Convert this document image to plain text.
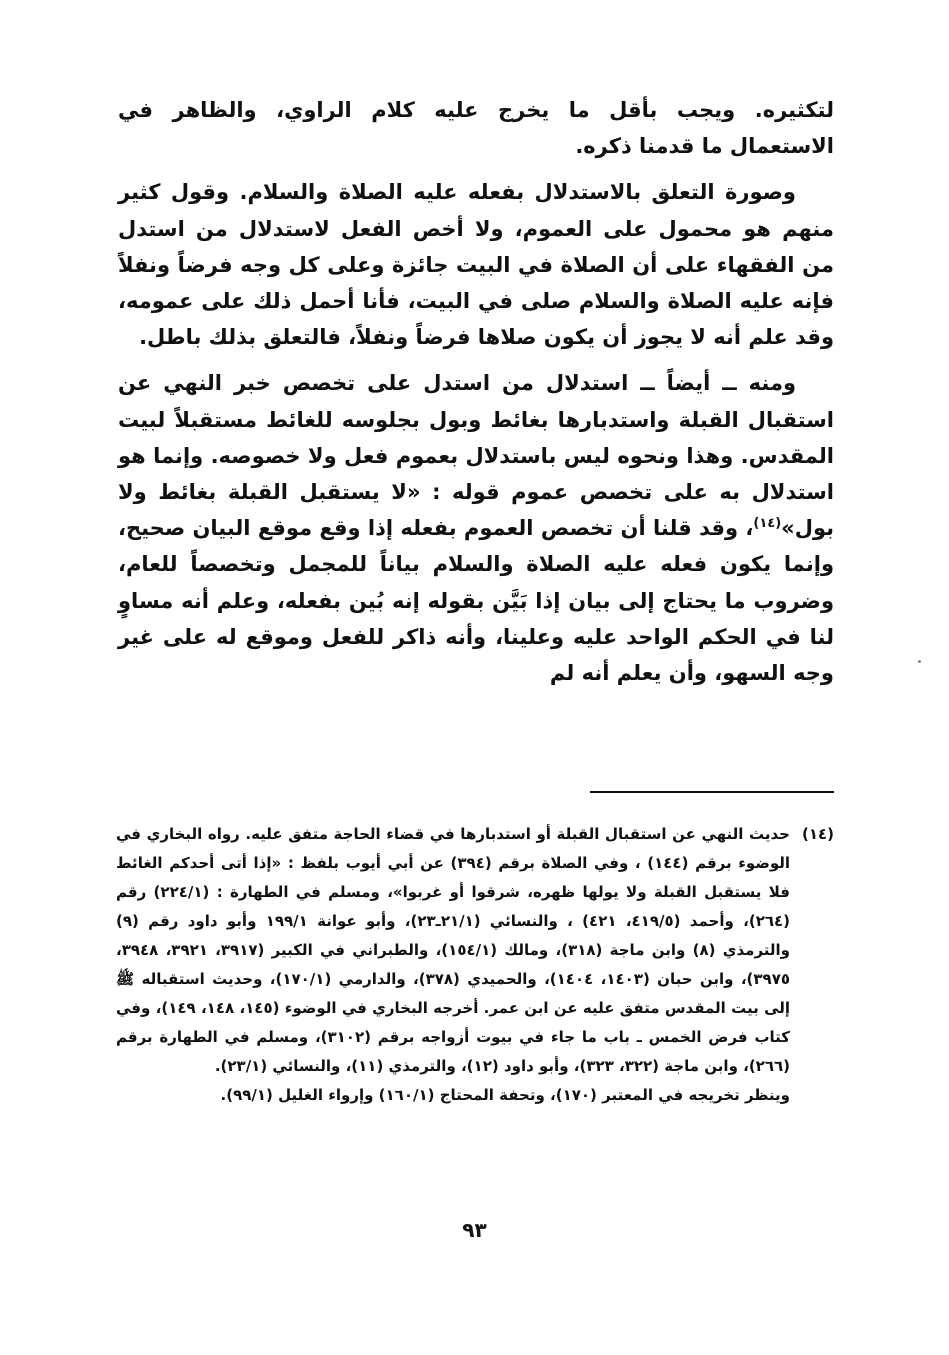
لتكثيره. ويجب بأقل ما يخرج عليه كلام الراوي، والظاهر في الاستعمال ما قدمنا ذكره.

وصورة التعلق بالاستدلال بفعله عليه الصلاة والسلام. وقول كثير منهم هو محمول على العموم، ولا أخص الفعل لاستدلال من استدل من الفقهاء على أن الصلاة في البيت جائزة وعلى كل وجه فرضاً ونفلاً فإنه عليه الصلاة والسلام صلى في البيت، فأنا أحمل ذلك على عمومه، وقد علم أنه لا يجوز أن يكون صلاها فرضاً ونفلاً، فالتعلق بذلك باطل.

ومنه ــ أيضاً ــ استدلال من استدل على تخصص خبر النهي عن استقبال القبلة واستدبارها بغائط وبول بجلوسه للغائط مستقبلاً لبيت المقدس. وهذا ونحوه ليس باستدلال بعموم فعل ولا خصوصه. وإنما هو استدلال به على تخصص عموم قوله : «لا يستقبل القبلة بغائط ولا بول»$^{(١٤)}$، وقد قلنا أن تخصص العموم بفعله إذا وقع موقع البيان صحيح، وإنما يكون فعله عليه الصلاة والسلام بياناً للمجمل وتخصصاً للعام، وضروب ما يحتاج إلى بيان إذا بَيَّن بقوله إنه بُين بفعله، وعلم أنه مساوٍ لنا في الحكم الواحد عليه وعلينا، وأنه ذاكر للفعل وموقع له على غير وجه السهو، وأن يعلم أنه لم

(١٤)

حديث النهي عن استقبال القبلة أو استدبارها في قضاء الحاجة متفق عليه. رواه البخاري في الوضوء برقم (١٤٤) ، وفي الصلاة برقم (٣٩٤) عن أبي أيوب بلفظ : «إذا أتى أحدكم الغائط فلا يستقبل القبلة ولا يولها ظهره، شرقوا أو غربوا»، ومسلم في الطهارة : (٢٢٤/١) رقم (٢٦٤)، وأحمد (٤١٩/٥، ٤٢١) ، والنسائي (٢١/١ـ٢٣)، وأبو عوانة ١٩٩/١ وأبو داود رقم (٩) والترمذي (٨) وابن ماجة (٣١٨)، ومالك (١٥٤/١)، والطبراني في الكبير (٣٩١٧، ٣٩٢١، ٣٩٤٨، ٣٩٧٥)، وابن حبان (١٤٠٣، ١٤٠٤)، والحميدي (٣٧٨)، والدارمي (١٧٠/١)، وحديث استقباله ﷺ إلى بيت المقدس متفق عليه عن ابن عمر. أخرجه البخاري في الوضوء (١٤٥، ١٤٨، ١٤٩)، وفي كتاب فرض الخمس ـ باب ما جاء في بيوت أزواجه برقم (٣١٠٢)، ومسلم في الطهارة برقم (٢٦٦)، وابن ماجة (٣٢٢، ٣٢٣)، وأبو داود (١٢)، والترمذي (١١)، والنسائي (٢٣/١).

وينظر تخريجه في المعتبر (١٧٠)، وتحفة المحتاج (١٦٠/١) وإرواء الغليل (٩٩/١).

٩٣
